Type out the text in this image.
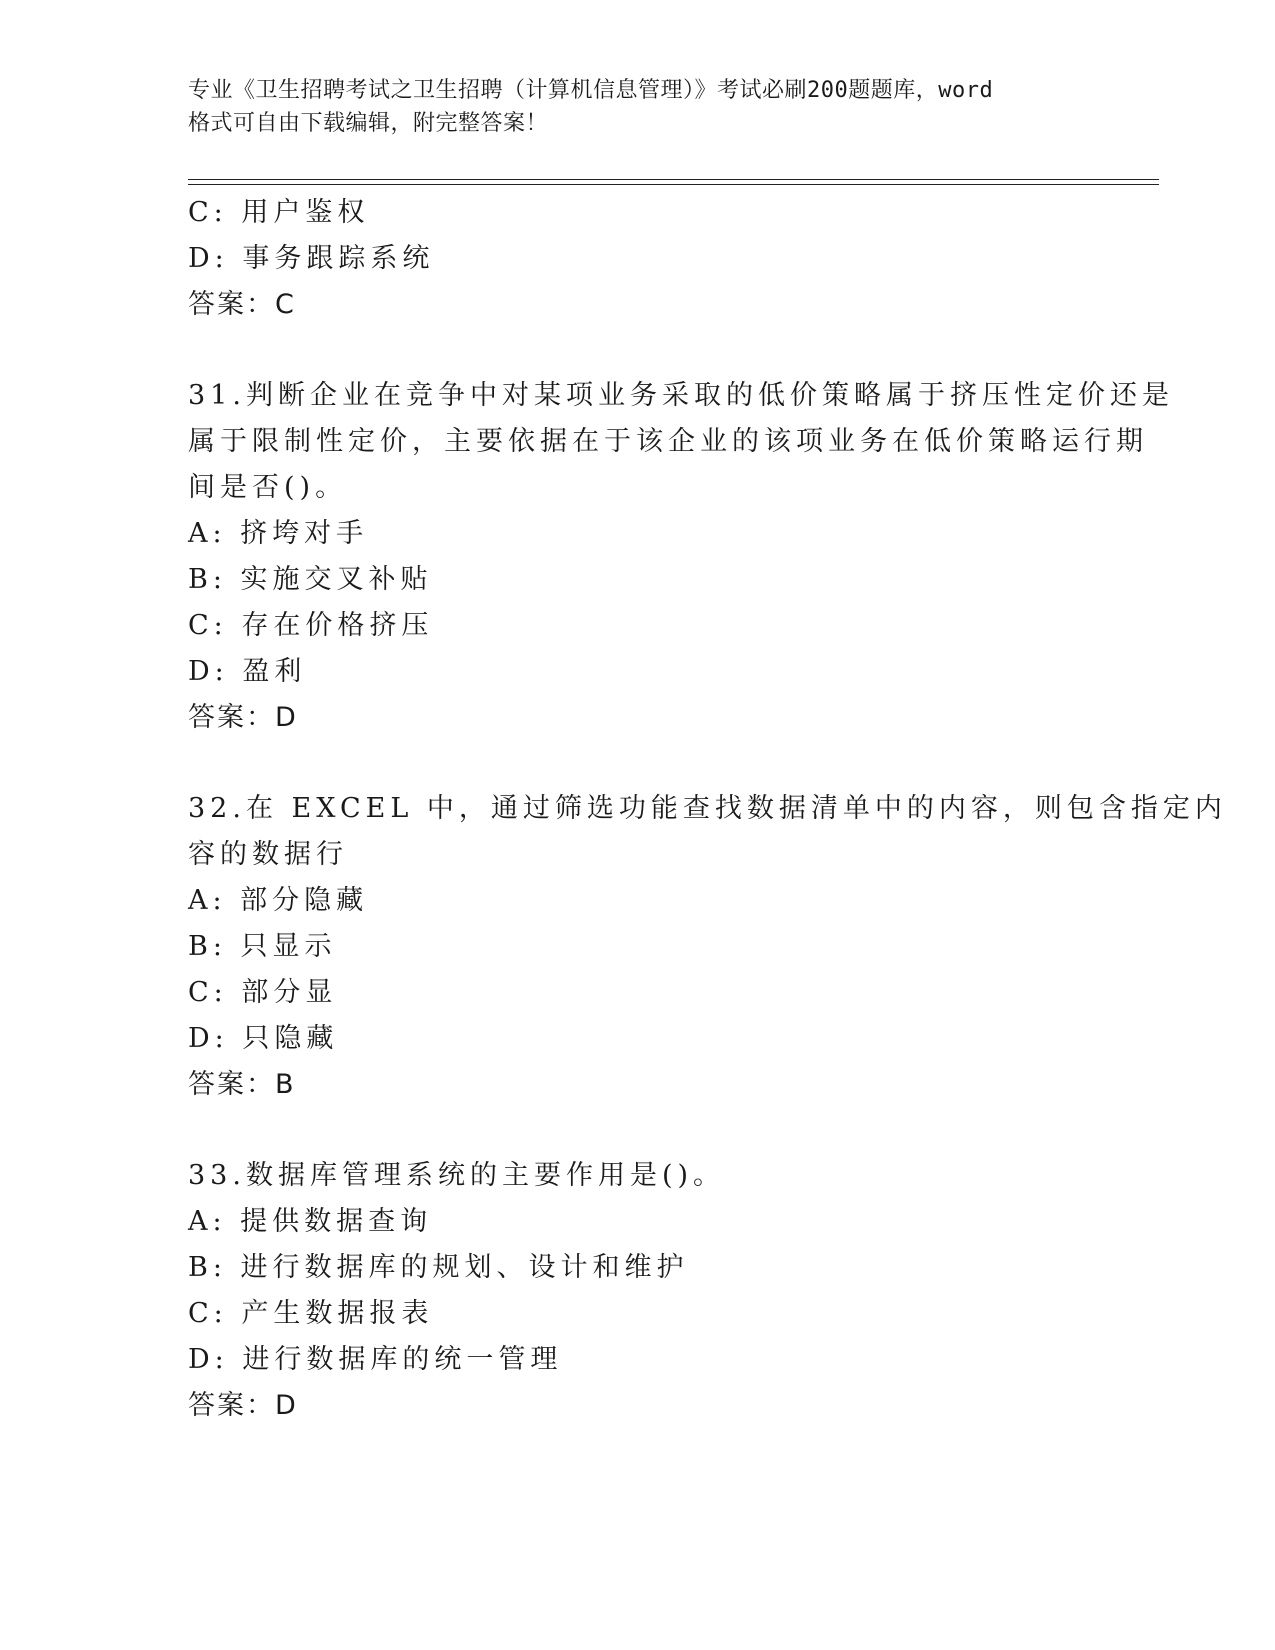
专业《卫生招聘考试之卫生招聘（计算机信息管理）》考试必刷200题题库，word
格式可自由下载编辑，附完整答案！
C: 用户鉴权
D: 事务跟踪系统
答案：C
31.判断企业在竞争中对某项业务采取的低价策略属于挤压性定价还是
属于限制性定价，主要依据在于该企业的该项业务在低价策略运行期
间是否()。
A: 挤垮对手
B: 实施交叉补贴
C: 存在价格挤压
D: 盈利
答案：D
32.在 EXCEL 中，通过筛选功能查找数据清单中的内容，则包含指定内
容的数据行
A: 部分隐藏
B: 只显示
C: 部分显
D: 只隐藏
答案：B
33.数据库管理系统的主要作用是()。
A: 提供数据查询
B: 进行数据库的规划、设计和维护
C: 产生数据报表
D: 进行数据库的统一管理
答案：D
